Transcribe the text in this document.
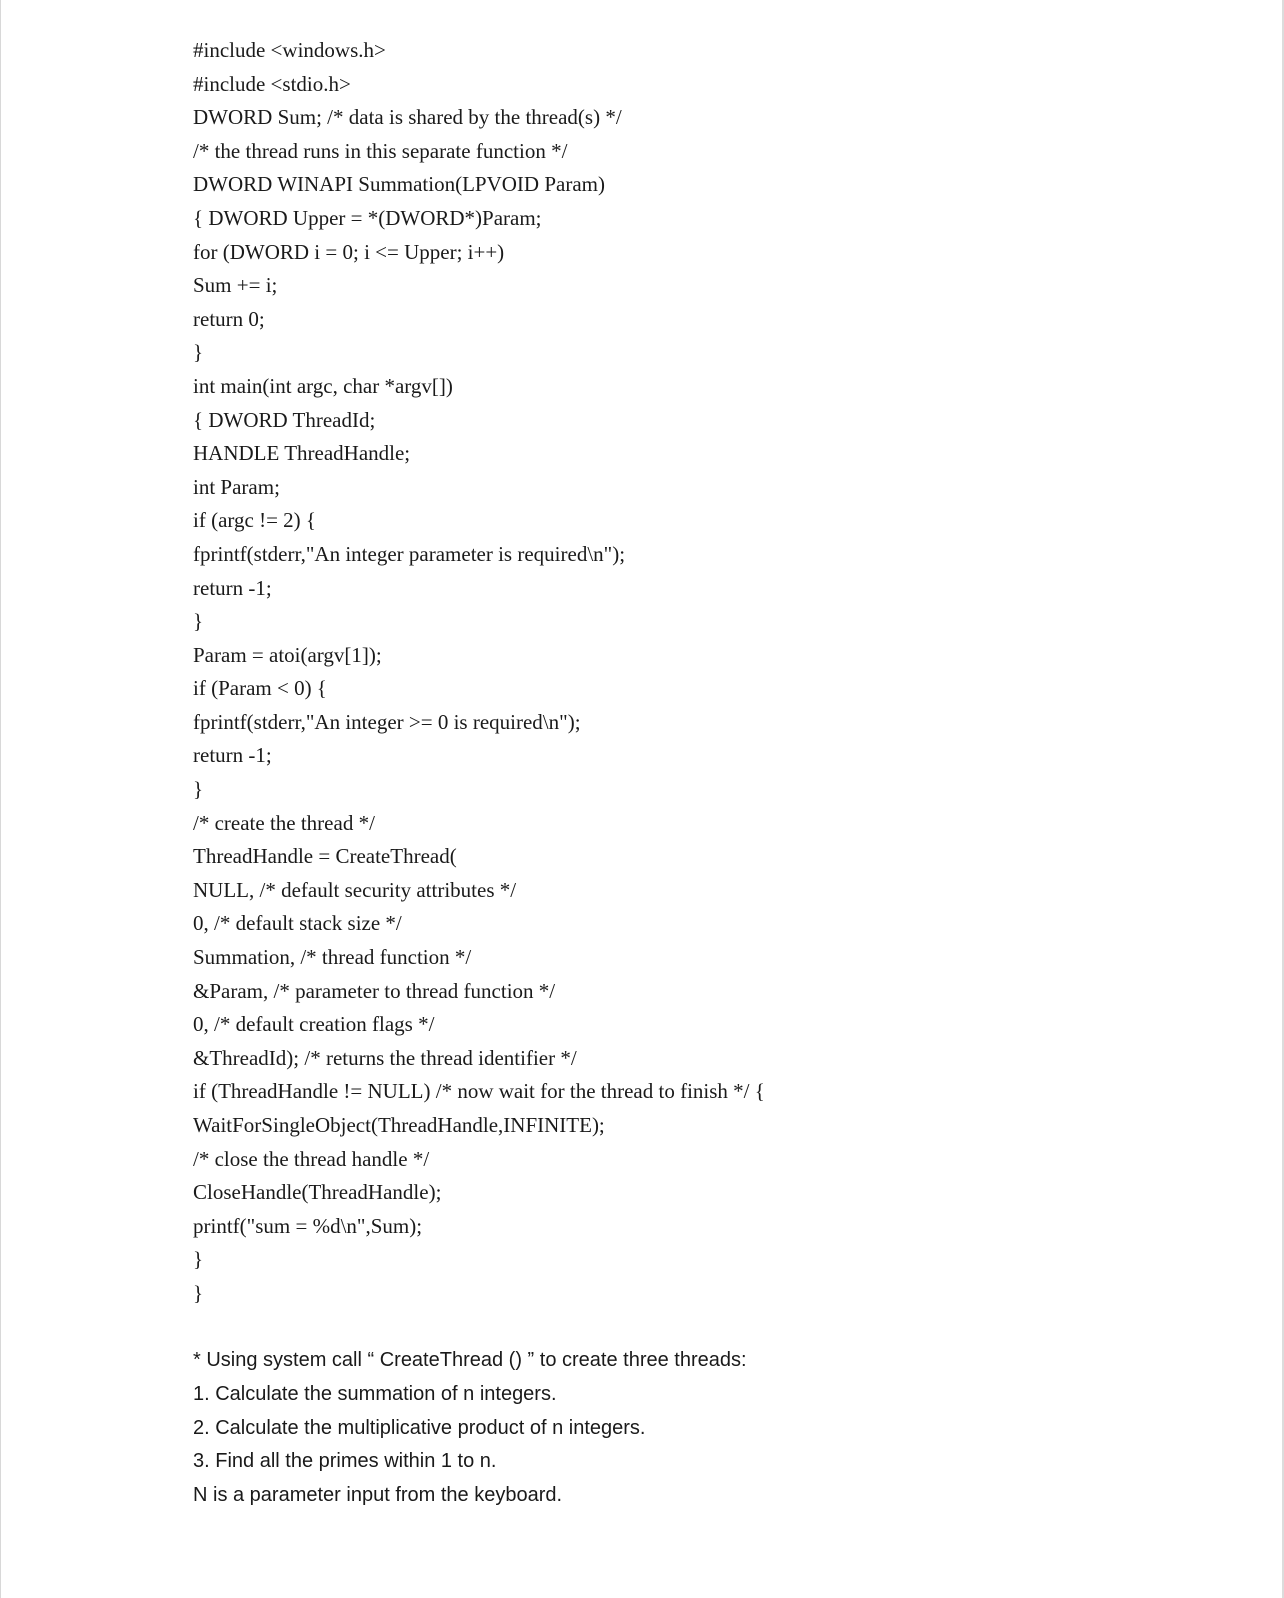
#include <windows.h>
#include <stdio.h>
DWORD Sum; /* data is shared by the thread(s) */
/* the thread runs in this separate function */
DWORD WINAPI Summation(LPVOID Param)
{ DWORD Upper = *(DWORD*)Param;
for (DWORD i = 0; i <= Upper; i++)
Sum += i;
return 0;
}
int main(int argc, char *argv[])
{ DWORD ThreadId;
HANDLE ThreadHandle;
int Param;
if (argc != 2) {
fprintf(stderr,"An integer parameter is required\n");
return -1;
}
Param = atoi(argv[1]);
if (Param < 0) {
fprintf(stderr,"An integer >= 0 is required\n");
return -1;
}
/* create the thread */
ThreadHandle = CreateThread(
NULL, /* default security attributes */
0, /* default stack size */
Summation, /* thread function */
&Param, /* parameter to thread function */
0, /* default creation flags */
&ThreadId); /* returns the thread identifier */
if (ThreadHandle != NULL) /* now wait for the thread to finish */ {
WaitForSingleObject(ThreadHandle,INFINITE);
/* close the thread handle */
CloseHandle(ThreadHandle);
printf("sum = %d\n",Sum);
}
}
* Using system call “ CreateThread () ” to create three threads:
1. Calculate the summation of n integers.
2. Calculate the multiplicative product of n integers.
3. Find all the primes within 1 to n.
N is a parameter input from the keyboard.
